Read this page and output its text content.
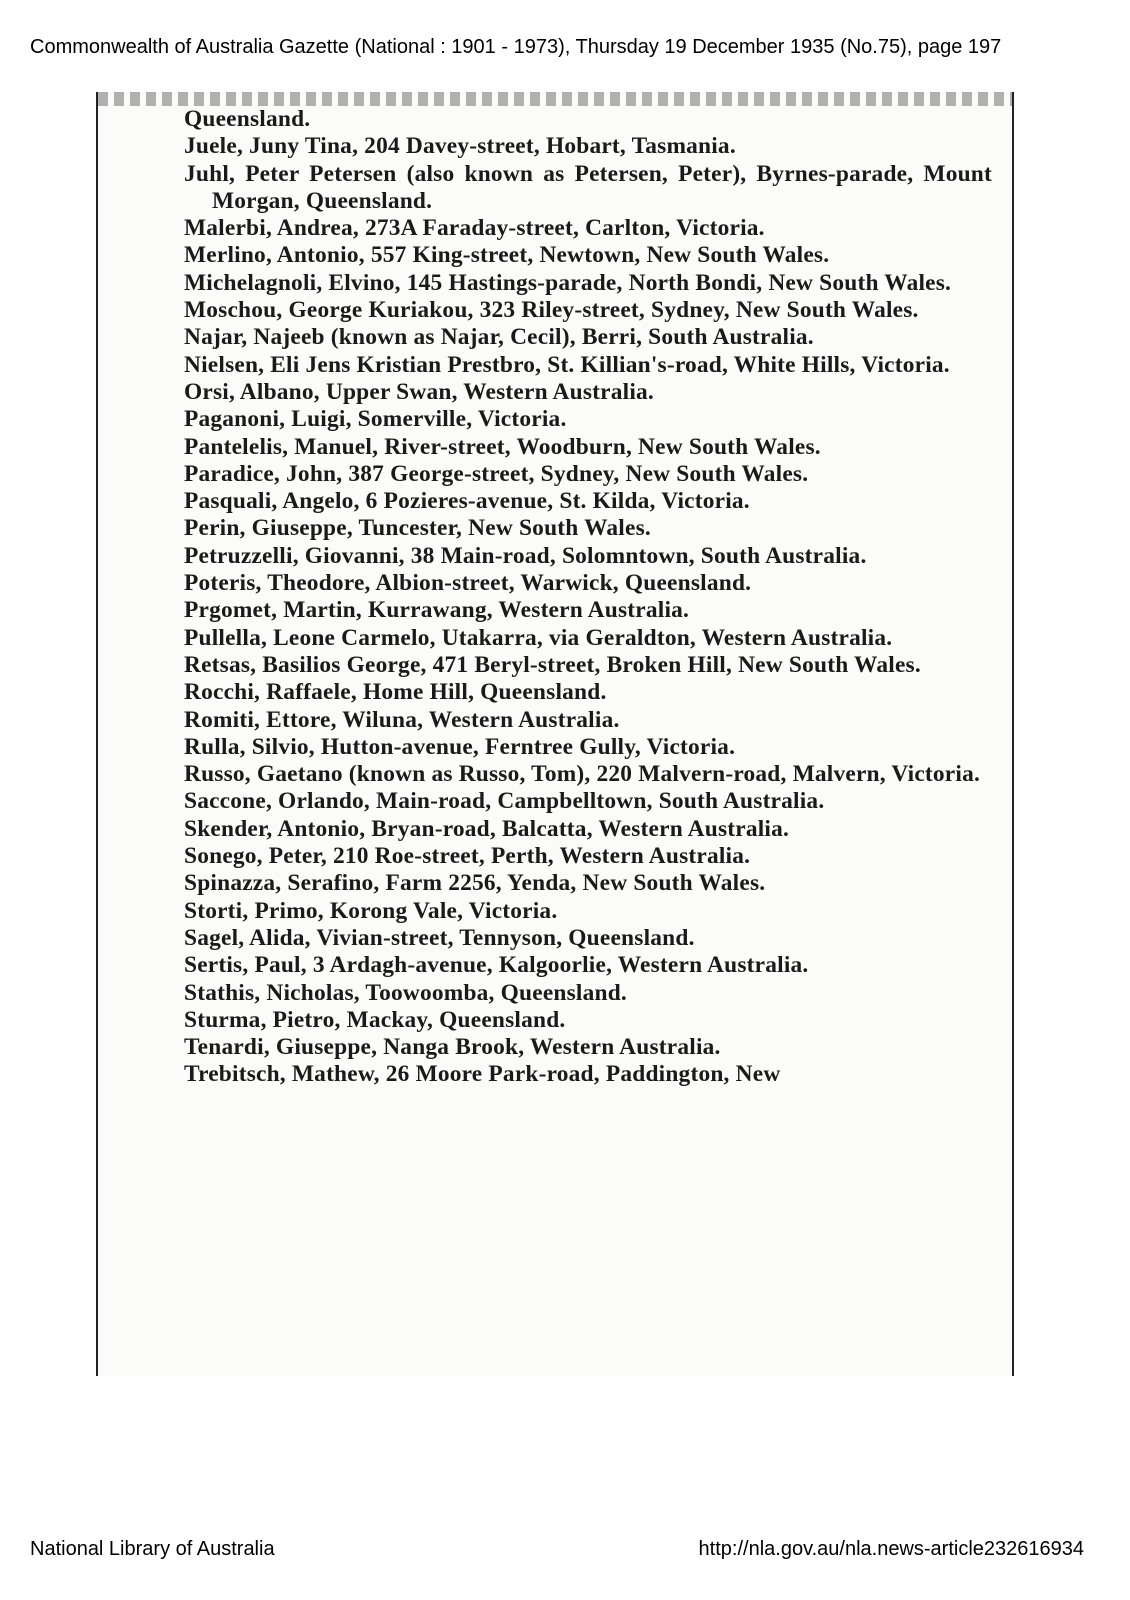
Commonwealth of Australia Gazette (National : 1901 - 1973), Thursday 19 December 1935 (No.75), page 197
Queensland.
Juele, Juny Tina, 204 Davey-street, Hobart, Tasmania.
Juhl, Peter Petersen (also known as Petersen, Peter), Byrnes-parade, Mount Morgan, Queensland.
Malerbi, Andrea, 273A Faraday-street, Carlton, Victoria.
Merlino, Antonio, 557 King-street, Newtown, New South Wales.
Michelagnoli, Elvino, 145 Hastings-parade, North Bondi, New South Wales.
Moschou, George Kuriakou, 323 Riley-street, Sydney, New South Wales.
Najar, Najeeb (known as Najar, Cecil), Berri, South Australia.
Nielsen, Eli Jens Kristian Prestbro, St. Killian's-road, White Hills, Victoria.
Orsi, Albano, Upper Swan, Western Australia.
Paganoni, Luigi, Somerville, Victoria.
Pantelelis, Manuel, River-street, Woodburn, New South Wales.
Paradice, John, 387 George-street, Sydney, New South Wales.
Pasquali, Angelo, 6 Pozieres-avenue, St. Kilda, Victoria.
Perin, Giuseppe, Tuncester, New South Wales.
Petruzzelli, Giovanni, 38 Main-road, Solomntown, South Australia.
Poteris, Theodore, Albion-street, Warwick, Queensland.
Prgomet, Martin, Kurrawang, Western Australia.
Pullella, Leone Carmelo, Utakarra, via Geraldton, Western Australia.
Retsas, Basilios George, 471 Beryl-street, Broken Hill, New South Wales.
Rocchi, Raffaele, Home Hill, Queensland.
Romiti, Ettore, Wiluna, Western Australia.
Rulla, Silvio, Hutton-avenue, Ferntree Gully, Victoria.
Russo, Gaetano (known as Russo, Tom), 220 Malvern-road, Malvern, Victoria.
Saccone, Orlando, Main-road, Campbelltown, South Australia.
Skender, Antonio, Bryan-road, Balcatta, Western Australia.
Sonego, Peter, 210 Roe-street, Perth, Western Australia.
Spinazza, Serafino, Farm 2256, Yenda, New South Wales.
Storti, Primo, Korong Vale, Victoria.
Sagel, Alida, Vivian-street, Tennyson, Queensland.
Sertis, Paul, 3 Ardagh-avenue, Kalgoorlie, Western Australia.
Stathis, Nicholas, Toowoomba, Queensland.
Sturma, Pietro, Mackay, Queensland.
Tenardi, Giuseppe, Nanga Brook, Western Australia.
Trebitsch, Mathew, 26 Moore Park-road, Paddington, New
National Library of Australia	http://nla.gov.au/nla.news-article232616934
